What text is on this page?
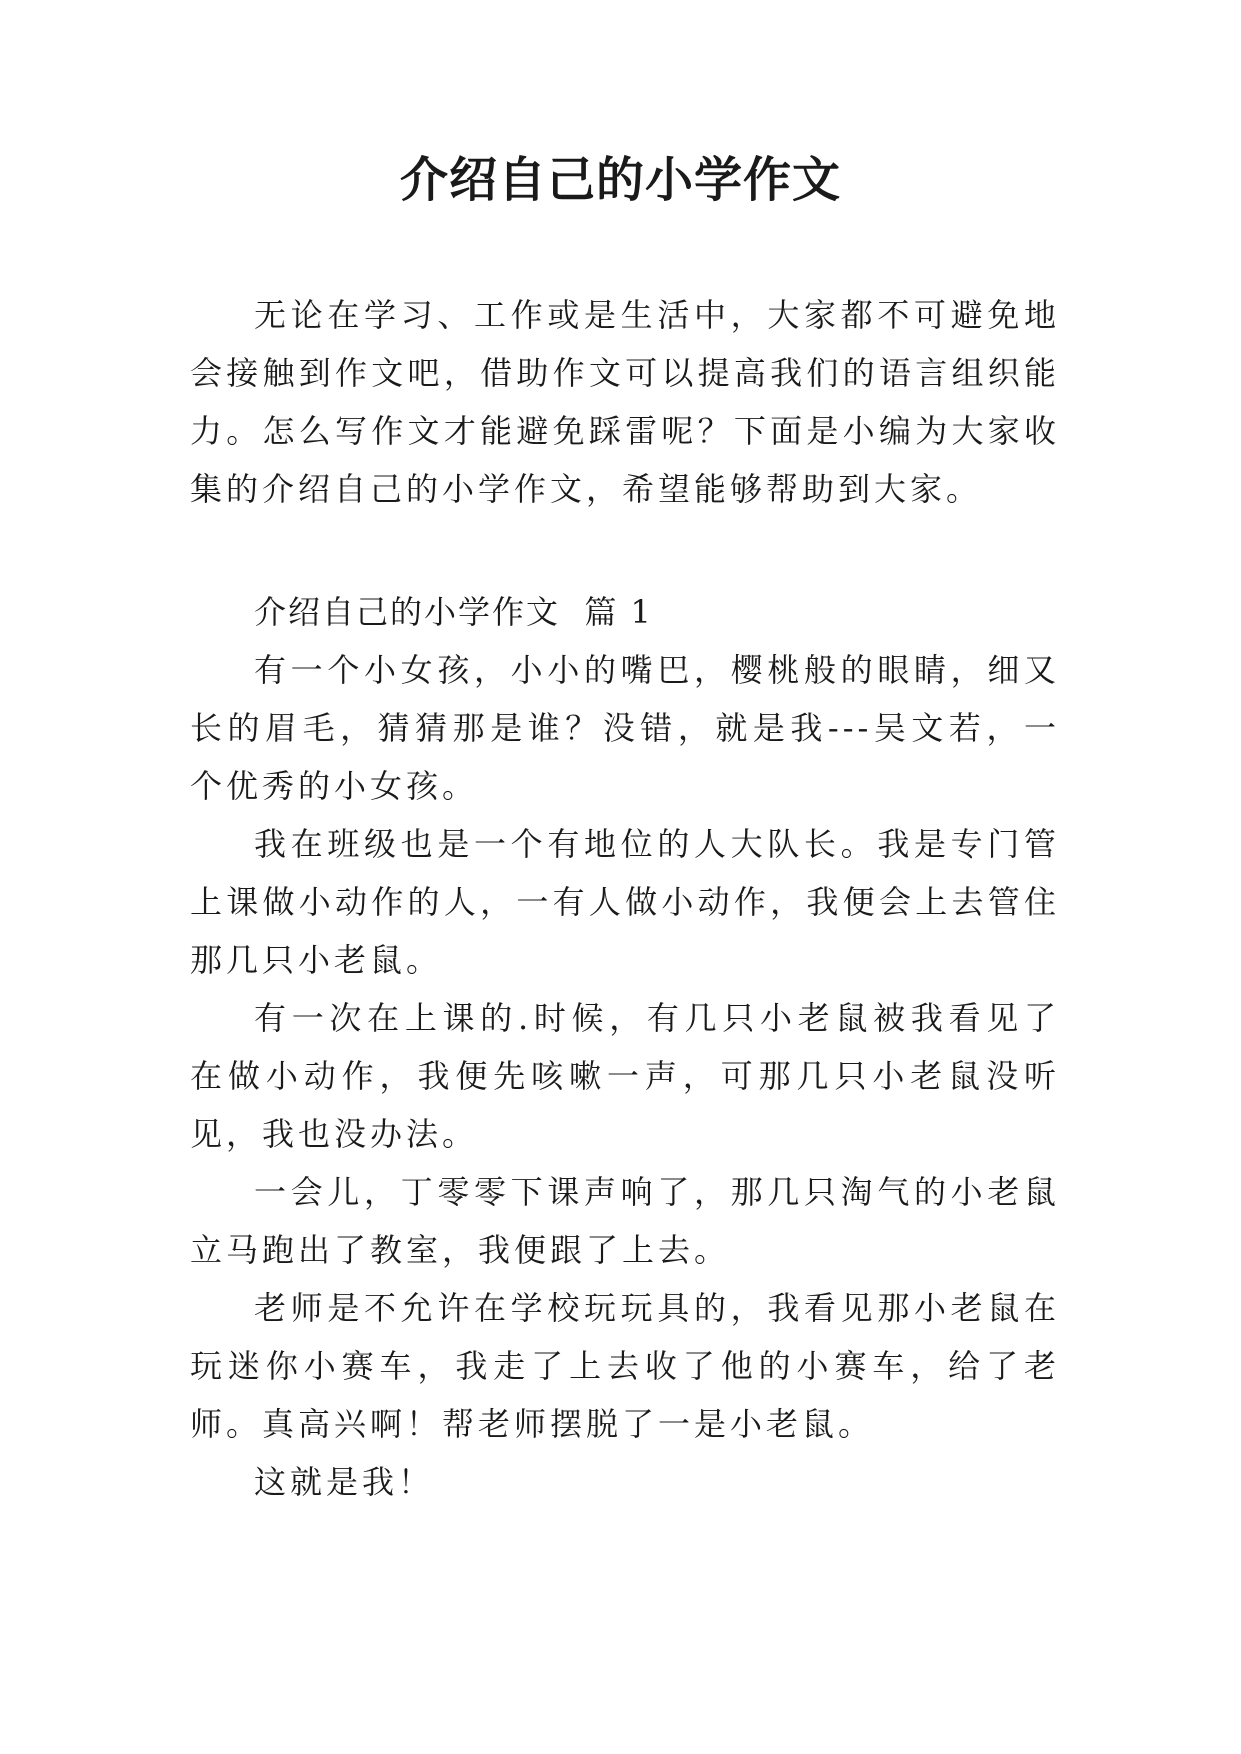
介绍自己的小学作文

无论在学习、工作或是生活中，大家都不可避免地会接触到作文吧，借助作文可以提高我们的语言组织能力。怎么写作文才能避免踩雷呢？下面是小编为大家收集的介绍自己的小学作文，希望能够帮助到大家。

介绍自己的小学作文  篇 1

有一个小女孩，小小的嘴巴，樱桃般的眼睛，细又长的眉毛，猜猜那是谁？没错，就是我---吴文若，一个优秀的小女孩。

我在班级也是一个有地位的人大队长。我是专门管上课做小动作的人，一有人做小动作，我便会上去管住那几只小老鼠。

有一次在上课的.时候，有几只小老鼠被我看见了在做小动作，我便先咳嗽一声，可那几只小老鼠没听见，我也没办法。

一会儿，丁零零下课声响了，那几只淘气的小老鼠立马跑出了教室，我便跟了上去。

老师是不允许在学校玩玩具的，我看见那小老鼠在玩迷你小赛车，我走了上去收了他的小赛车，给了老师。真高兴啊！帮老师摆脱了一是小老鼠。

这就是我！
